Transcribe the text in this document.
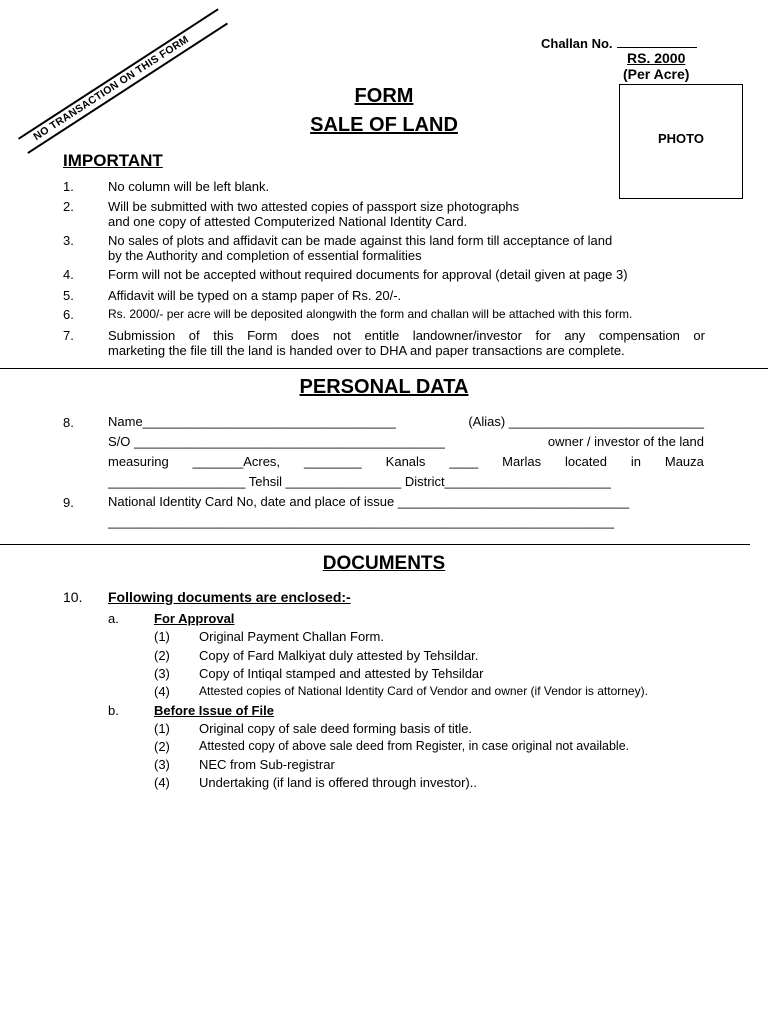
NO TRANSACTION ON THIS FORM	Challan No.
RS. 2000
(Per Acre)
PHOTO
FORM
SALE OF LAND
IMPORTANT
1.	No column will be left blank.
2.	Will be submitted with two attested copies of passport size photographs
and one copy of attested Computerized National Identity Card.
3.	No sales of plots and affidavit can be made against this land form till acceptance of land
by the Authority and completion of essential formalities
4.	Form will not be accepted without required documents for approval (detail given at page 3)
5.	Affidavit will be typed on a stamp paper of Rs. 20/-.
6.	Rs. 2000/- per acre will be deposited alongwith the form and challan will be attached with this form.
7.	Submission of this Form does not entitle landowner/investor for any compensation or
marketing the file till the land is handed over to DHA and paper transactions are complete.
PERSONAL DATA
8.	Name___________________________________	(Alias) ___________________________
S/O ___________________________________________	owner / investor of the land
measuring _______Acres, ________ Kanals ____ Marlas located in Mauza
___________________ Tehsil ________________ District_______________________
9.	National Identity Card No, date and place of issue ________________________________
______________________________________________________________________
DOCUMENTS
10. Following documents are enclosed:-
a.	For Approval
(1) Original Payment Challan Form.
(2) Copy of Fard Malkiyat duly attested by Tehsildar.
(3) Copy of Intiqal stamped and attested by Tehsildar
(4) Attested copies of National Identity Card of Vendor and owner (if Vendor is attorney).
b.	Before Issue of File
(1) Original copy of sale deed forming basis of title.
(2) Attested copy of above sale deed from Register, in case original not available.
(3) NEC from Sub-registrar
(4) Undertaking (if land is offered through investor)..
